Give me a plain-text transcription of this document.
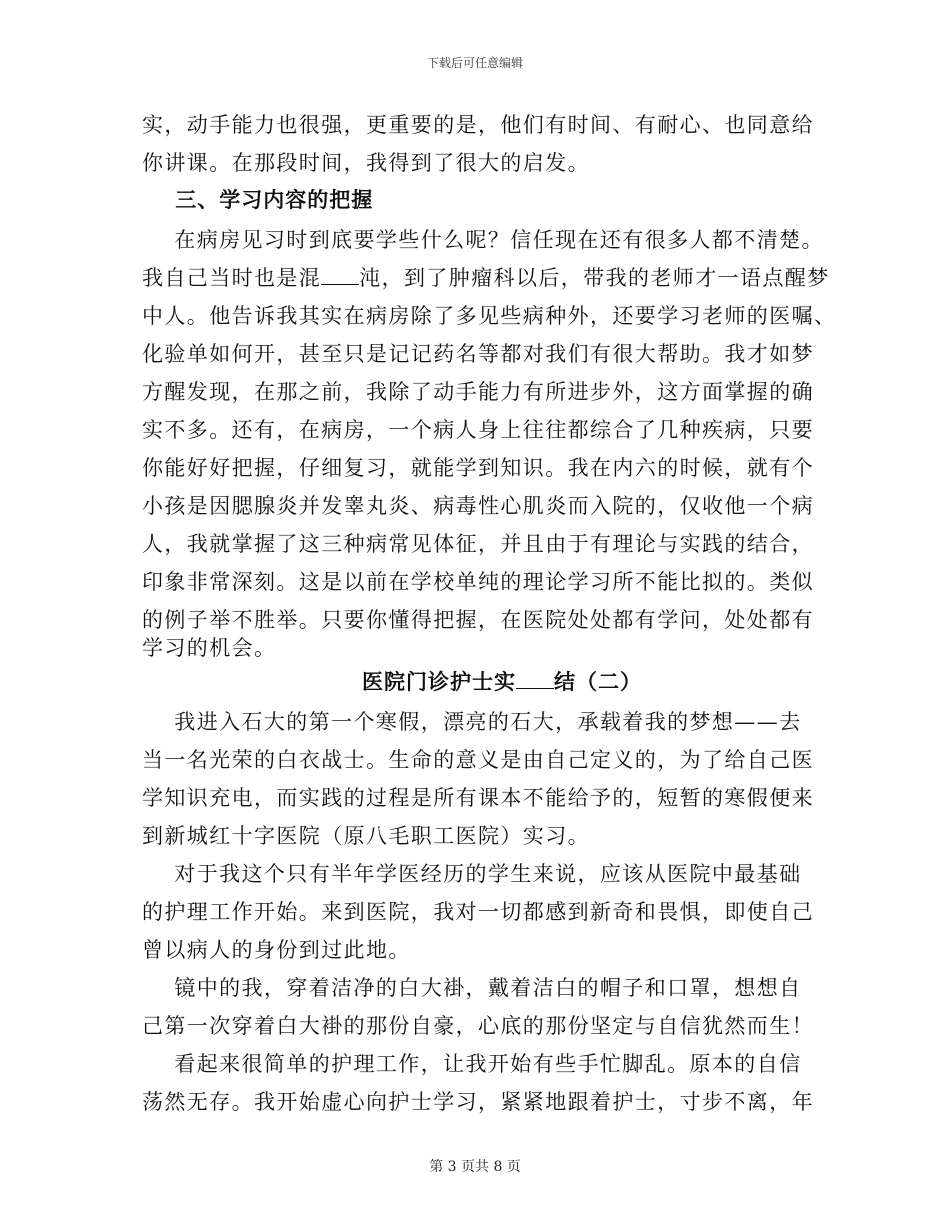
下载后可任意编辑
实，动手能力也很强，更重要的是，他们有时间、有耐心、也同意给
你讲课。在那段时间，我得到了很大的启发。
三、学习内容的把握
在病房见习时到底要学些什么呢？信任现在还有很多人都不清楚。
我自己当时也是混 沌，到了肿瘤科以后，带我的老师才一语点醒梦
中人。他告诉我其实在病房除了多见些病种外，还要学习老师的医嘱、
化验单如何开，甚至只是记记药名等都对我们有很大帮助。我才如梦
方醒发现，在那之前，我除了动手能力有所进步外，这方面掌握的确
实不多。还有，在病房，一个病人身上往往都综合了几种疾病，只要
你能好好把握，仔细复习，就能学到知识。我在内六的时候，就有个
小孩是因腮腺炎并发睾丸炎、病毒性心肌炎而入院的，仅收他一个病
人，我就掌握了这三种病常见体征，并且由于有理论与实践的结合，
印象非常深刻。这是以前在学校单纯的理论学习所不能比拟的。类似
的例子举不胜举。只要你懂得把握，在医院处处都有学问，处处都有
学习的机会。
医院门诊护士实 结（二）
我进入石大的第一个寒假，漂亮的石大，承载着我的梦想——去
当一名光荣的白衣战士。生命的意义是由自己定义的，为了给自己医
学知识充电，而实践的过程是所有课本不能给予的，短暂的寒假便来
到新城红十字医院（原八毛职工医院）实习。
对于我这个只有半年学医经历的学生来说，应该从医院中最基础
的护理工作开始。来到医院，我对一切都感到新奇和畏惧，即使自己
曾以病人的身份到过此地。
镜中的我，穿着洁净的白大褂，戴着洁白的帽子和口罩，想想自
己第一次穿着白大褂的那份自豪，心底的那份坚定与自信犹然而生！
看起来很简单的护理工作，让我开始有些手忙脚乱。原本的自信
荡然无存。我开始虚心向护士学习，紧紧地跟着护士，寸步不离，年
第 3 页共 8 页
